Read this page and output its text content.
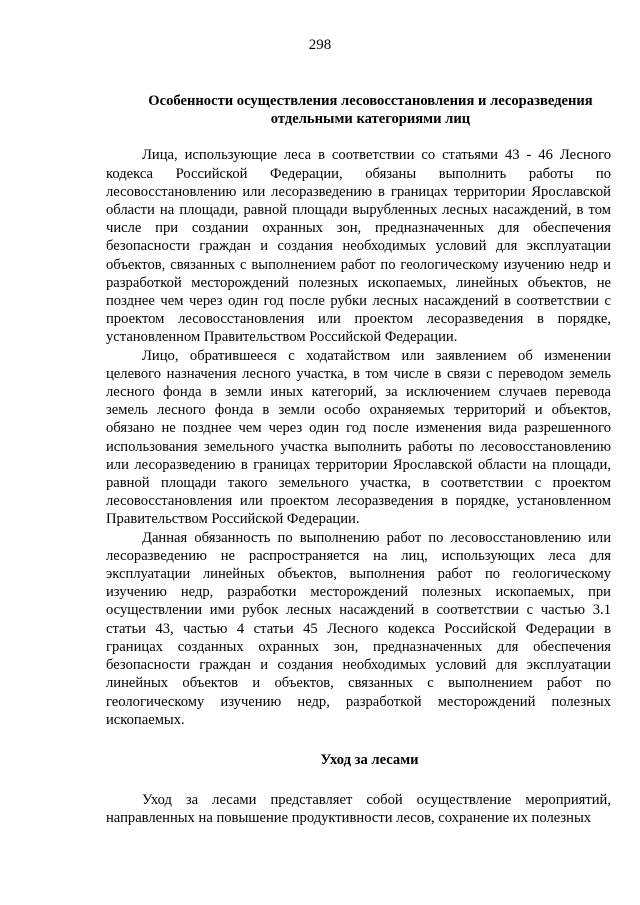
298
Особенности осуществления лесовосстановления и лесоразведения отдельными категориями лиц

Лица, использующие леса в соответствии со статьями 43 - 46 Лесного кодекса Российской Федерации, обязаны выполнить работы по лесовосстановлению или лесоразведению в границах территории Ярославской области на площади, равной площади вырубленных лесных насаждений, в том числе при создании охранных зон, предназначенных для обеспечения безопасности граждан и создания необходимых условий для эксплуатации объектов, связанных с выполнением работ по геологическому изучению недр и разработкой месторождений полезных ископаемых, линейных объектов, не позднее чем через один год после рубки лесных насаждений в соответствии с проектом лесовосстановления или проектом лесоразведения в порядке, установленном Правительством Российской Федерации.

Лицо, обратившееся с ходатайством или заявлением об изменении целевого назначения лесного участка, в том числе в связи с переводом земель лесного фонда в земли иных категорий, за исключением случаев перевода земель лесного фонда в земли особо охраняемых территорий и объектов, обязано не позднее чем через один год после изменения вида разрешенного использования земельного участка выполнить работы по лесовосстановлению или лесоразведению в границах территории Ярославской области на площади, равной площади такого земельного участка, в соответствии с проектом лесовосстановления или проектом лесоразведения в порядке, установленном Правительством Российской Федерации.

Данная обязанность по выполнению работ по лесовосстановлению или лесоразведению не распространяется на лиц, использующих леса для эксплуатации линейных объектов, выполнения работ по геологическому изучению недр, разработки месторождений полезных ископаемых, при осуществлении ими рубок лесных насаждений в соответствии с частью 3.1 статьи 43, частью 4 статьи 45 Лесного кодекса Российской Федерации в границах созданных охранных зон, предназначенных для обеспечения безопасности граждан и создания необходимых условий для эксплуатации линейных объектов и объектов, связанных с выполнением работ по геологическому изучению недр, разработкой месторождений полезных ископаемых.

Уход за лесами

Уход за лесами представляет собой осуществление мероприятий, направленных на повышение продуктивности лесов, сохранение их полезных
